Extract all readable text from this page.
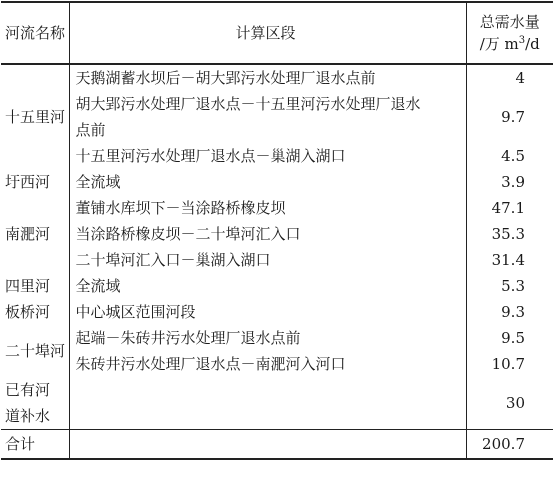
河流名称	计算区段	总需水量
/万 $m^3/d$

十五里河	天鹅湖蓄水坝后－胡大郢污水处理厂退水点前	4

	胡大郢污水处理厂退水点－十五里河污水处理厂退水
点前	9.7
	十五里河污水处理厂退水点－巢湖入湖口	4.5
圩西河	全流域	3.9
南淝河	董铺水库坝下－当涂路桥橡皮坝	47.1
	当涂路桥橡皮坝－二十埠河汇入口	35.3
	二十埠河汇入口－巢湖入湖口	31.4
四里河	全流域	5.3
板桥河	中心城区范围河段	9.3
二十埠河	起端－朱砖井污水处理厂退水点前	9.5
	朱砖井污水处理厂退水点－南淝河入河口	10.7

已有河
道补水		30
合计		200.7
